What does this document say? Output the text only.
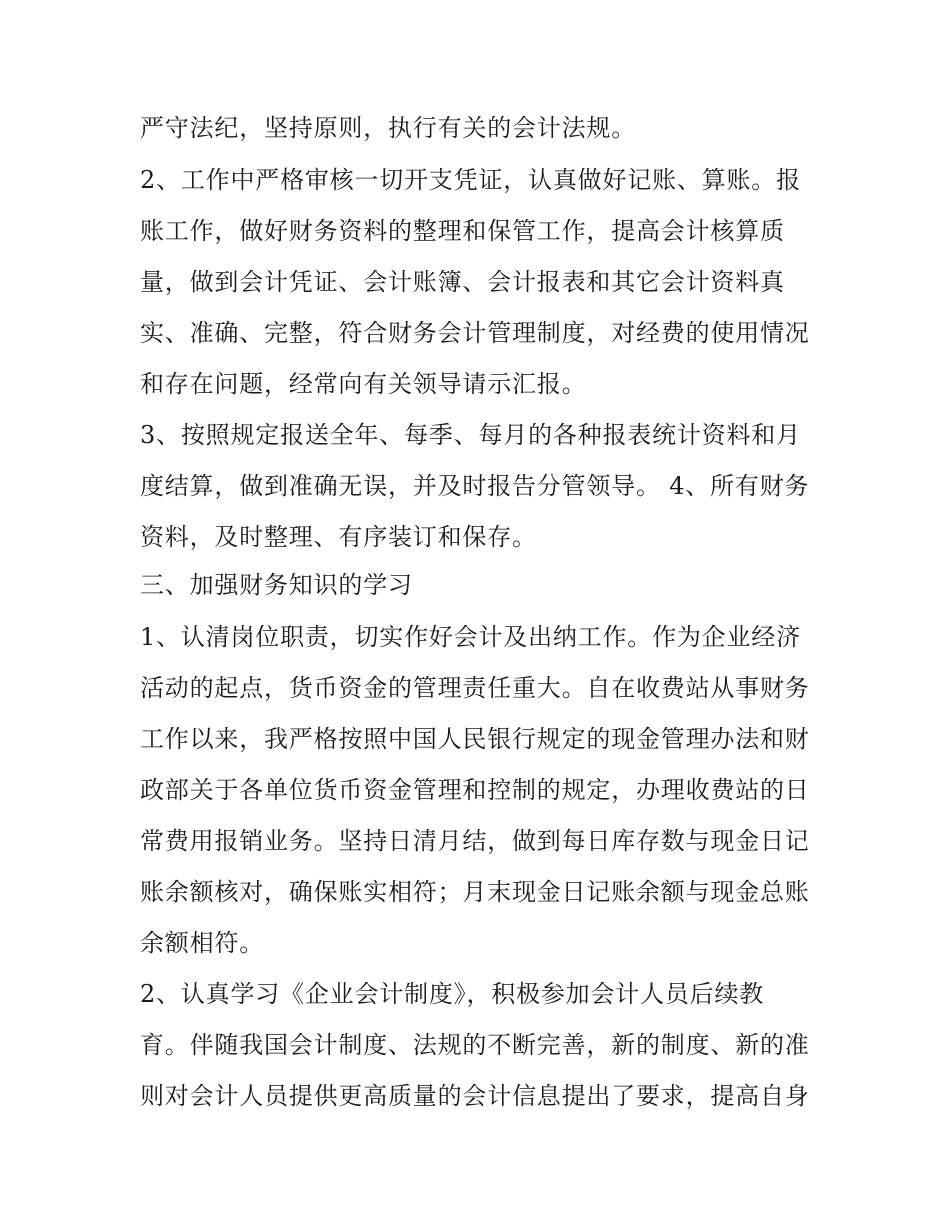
严守法纪，坚持原则，执行有关的会计法规。

2、工作中严格审核一切开支凭证，认真做好记账、算账。报

账工作，做好财务资料的整理和保管工作，提高会计核算质

量，做到会计凭证、会计账簿、会计报表和其它会计资料真

实、准确、完整，符合财务会计管理制度，对经费的使用情况

和存在问题，经常向有关领导请示汇报。

3、按照规定报送全年、每季、每月的各种报表统计资料和月

度结算，做到准确无误，并及时报告分管领导。 4、所有财务

资料，及时整理、有序装订和保存。

三、加强财务知识的学习

1、认清岗位职责，切实作好会计及出纳工作。作为企业经济

活动的起点，货币资金的管理责任重大。自在收费站从事财务

工作以来，我严格按照中国人民银行规定的现金管理办法和财

政部关于各单位货币资金管理和控制的规定，办理收费站的日

常费用报销业务。坚持日清月结，做到每日库存数与现金日记

账余额核对，确保账实相符；月末现金日记账余额与现金总账

余额相符。

2、认真学习《企业会计制度》，积极参加会计人员后续教

育。伴随我国会计制度、法规的不断完善，新的制度、新的准

则对会计人员提供更高质量的会计信息提出了要求，提高自身
